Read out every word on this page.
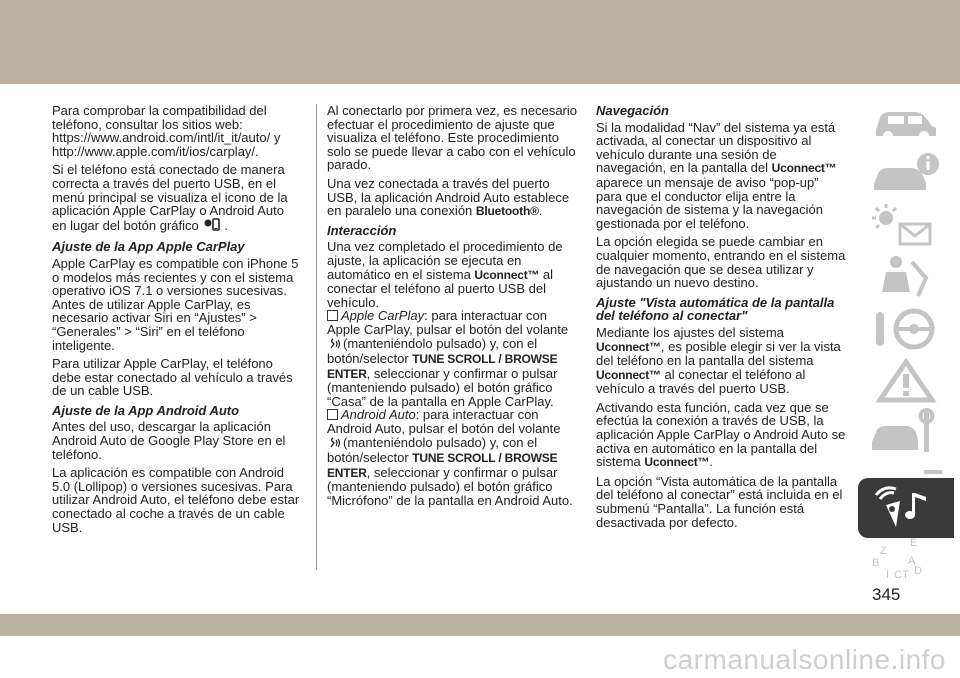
Para comprobar la compatibilidad del teléfono, consultar los sitios web: https://www.android.com/intl/it_it/auto/ y http://www.apple.com/it/ios/carplay/.

Si el teléfono está conectado de manera correcta a través del puerto USB, en el menú principal se visualiza el icono de la aplicación Apple CarPlay o Android Auto en lugar del botón gráfico .

Ajuste de la App Apple CarPlay

Apple CarPlay es compatible con iPhone 5 o modelos más recientes y con el sistema operativo iOS 7.1 o versiones sucesivas. Antes de utilizar Apple CarPlay, es necesario activar Siri en “Ajustes” > “Generales” > “Siri” en el teléfono inteligente.

Para utilizar Apple CarPlay, el teléfono debe estar conectado al vehículo a través de un cable USB.

Ajuste de la App Android Auto

Antes del uso, descargar la aplicación Android Auto de Google Play Store en el teléfono.

La aplicación es compatible con Android 5.0 (Lollipop) o versiones sucesivas. Para utilizar Android Auto, el teléfono debe estar conectado al coche a través de un cable USB.

Al conectarlo por primera vez, es necesario efectuar el procedimiento de ajuste que visualiza el teléfono. Este procedimiento solo se puede llevar a cabo con el vehículo parado.

Una vez conectada a través del puerto USB, la aplicación Android Auto establece en paralelo una conexión Bluetooth®.

Interacción

Una vez completado el procedimiento de ajuste, la aplicación se ejecuta en automático en el sistema Uconnect™ al conectar el teléfono al puerto USB del vehículo.

Apple CarPlay: para interactuar con Apple CarPlay, pulsar el botón del volante (manteniéndolo pulsado) y, con el botón/selector TUNE SCROLL / BROWSE ENTER, seleccionar y confirmar o pulsar (manteniendo pulsado) el botón gráfico “Casa” de la pantalla en Apple CarPlay.

Android Auto: para interactuar con Android Auto, pulsar el botón del volante (manteniéndolo pulsado) y, con el botón/selector TUNE SCROLL / BROWSE ENTER, seleccionar y confirmar o pulsar (manteniendo pulsado) el botón gráfico “Micrófono” de la pantalla en Android Auto.

Navegación

Si la modalidad “Nav” del sistema ya está activada, al conectar un dispositivo al vehículo durante una sesión de navegación, en la pantalla del Uconnect™ aparece un mensaje de aviso “pop-up” para que el conductor elija entre la navegación de sistema y la navegación gestionada por el teléfono.

La opción elegida se puede cambiar en cualquier momento, entrando en el sistema de navegación que se desea utilizar y ajustando un nuevo destino.

Ajuste "Vista automática de la pantalla del teléfono al conectar"

Mediante los ajustes del sistema Uconnect™, es posible elegir si ver la vista del teléfono en la pantalla del sistema Uconnect™ al conectar el teléfono al vehículo a través del puerto USB.

Activando esta función, cada vez que se efectúa la conexión a través de USB, la aplicación Apple CarPlay o Android Auto se activa en automático en la pantalla del sistema Uconnect™.

La opción “Vista automática de la pantalla del teléfono al conectar” está incluida en el submenú “Pantalla”. La función está desactivada por defecto.

E
Z
B	A
I C T D
345
carmanualsonline.info
